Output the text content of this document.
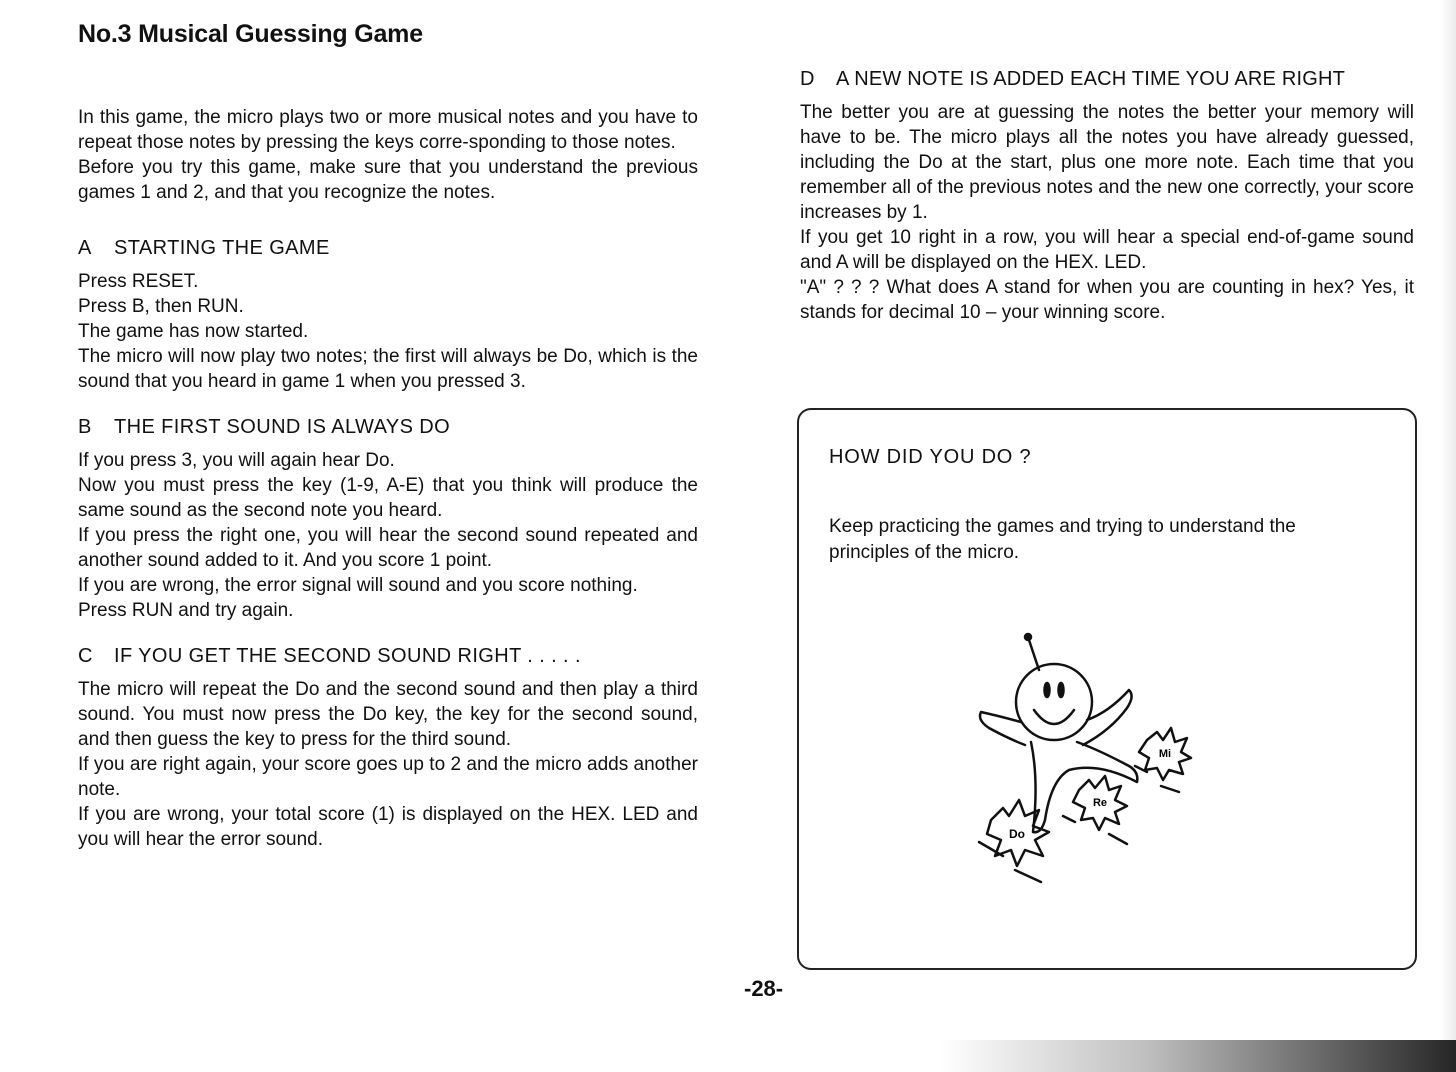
No.3 Musical Guessing Game

In this game, the micro plays two or more musical notes and you have to repeat those notes by pressing the keys corre-sponding to those notes.

Before you try this game, make sure that you understand the previous games 1 and 2, and that you recognize the notes.

A STARTING THE GAME

Press RESET.

Press B, then RUN.

The game has now started.

The micro will now play two notes; the first will always be Do, which is the sound that you heard in game 1 when you pressed 3.

B THE FIRST SOUND IS ALWAYS DO

If you press 3, you will again hear Do.

Now you must press the key (1-9, A-E) that you think will produce the same sound as the second note you heard.

If you press the right one, you will hear the second sound repeated and another sound added to it. And you score 1 point.

If you are wrong, the error signal will sound and you score nothing.

Press RUN and try again.

C IF YOU GET THE SECOND SOUND RIGHT . . . . .

The micro will repeat the Do and the second sound and then play a third sound. You must now press the Do key, the key for the second sound, and then guess the key to press for the third sound.

If you are right again, your score goes up to 2 and the micro adds another note.

If you are wrong, your total score (1) is displayed on the HEX. LED and you will hear the error sound.

D A NEW NOTE IS ADDED EACH TIME YOU ARE RIGHT

The better you are at guessing the notes the better your memory will have to be. The micro plays all the notes you have already guessed, including the Do at the start, plus one more note. Each time that you remember all of the previous notes and the new one correctly, your score increases by 1.

If you get 10 right in a row, you will hear a special end-of-game sound and A will be displayed on the HEX. LED.

"A" ? ? ? What does A stand for when you are counting in hex? Yes, it stands for decimal 10 – your winning score.

HOW DID YOU DO ?

Keep practicing the games and trying to understand the principles of the micro.

Do
Re
Mi
-28-
